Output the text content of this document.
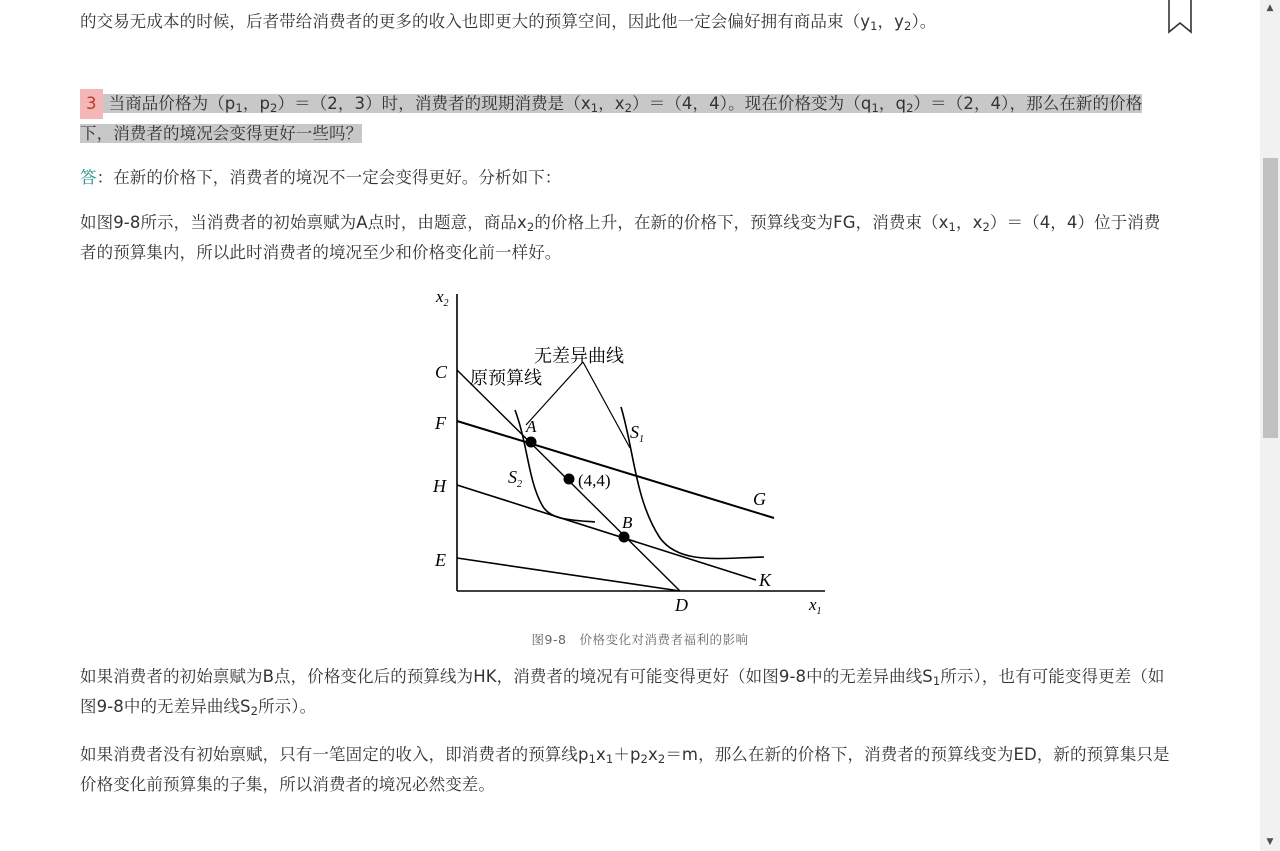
的交易无成本的时候，后者带给消费者的更多的收入也即更大的预算空间，因此他一定会偏好拥有商品束（$y_1$，$y_2$）。
3 当商品价格为（$p_1$，$p_2)=(2$，3）时，消费者的现期消费是（$x_1$，$x_2)=(4$，4）。现在价格变为（$q_1$，$q_2)=(2$，4），那么在新的价格下，消费者的境况会变得更好一些吗？
答：在新的价格下，消费者的境况不一定会变得更好。分析如下：
如图9-8所示，当消费者的初始禀赋为A点时，由题意，商品$x_2$的价格上升，在新的价格下，预算线变为FG，消费束（$x_1$，$x_2)=(4$，4）位于消费者的预算集内，所以此时消费者的境况至少和价格变化前一样好。
如果消费者的初始禀赋为B点，价格变化后的预算线为HK，消费者的境况有可能变得更好（如图9-8中的无差异曲线$S_1$所示），也有可能变得更差（如图9-8中的无差异曲线$S_2$所示）。
如果消费者没有初始禀赋，只有一笔固定的收入，即消费者的预算线$p_1x_1+p_2x_2=m$，那么在新的价格下，消费者的预算线变为ED，新的预算集只是价格变化前预算集的子集，所以消费者的境况必然变差。
$x_2$
$x_1$
C
F
H
E
D
G
K
A
B
$S_1$
$S_2$	(4,4)
原预算线
无差异曲线
图9-8　价格变化对消费者福利的影响
▲
▼
